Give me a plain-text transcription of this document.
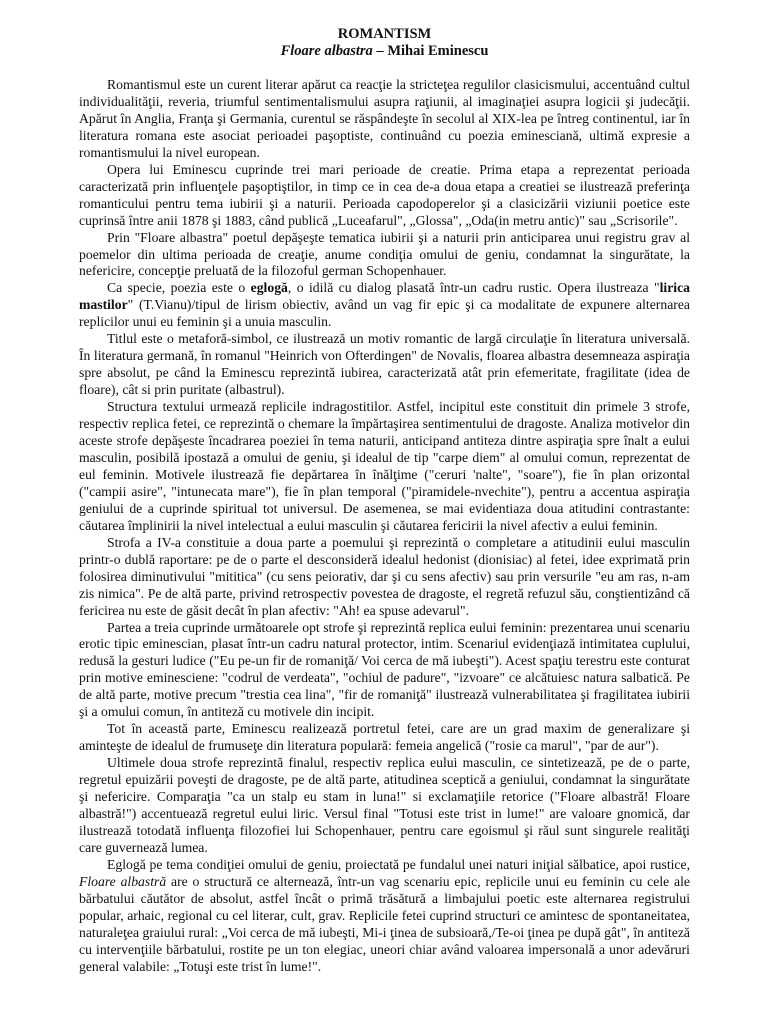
ROMANTISM
Floare albastra – Mihai Eminescu

Romantismul este un curent literar apărut ca reacţie la stricteţea regulilor clasicismului, accentuând cultul individualităţii, reveria, triumful sentimentalismului asupra raţiunii, al imaginaţiei asupra logicii şi judecăţii. Apărut în Anglia, Franţa şi Germania, curentul se răspândeşte în secolul al XIX-lea pe întreg continentul, iar în literatura romana este asociat perioadei paşoptiste, continuând cu poezia eminesciană, ultimă expresie a romantismului la nivel european.

Opera lui Eminescu cuprinde trei mari perioade de creatie. Prima etapa a reprezentat perioada caracterizată prin influenţele paşoptiştilor, in timp ce in cea de-a doua etapa a creatiei se ilustrează preferinţa romanticului pentru tema iubirii şi a naturii. Perioada capodoperelor şi a clasicizării viziunii poetice este cuprinsă între anii 1878 şi 1883, când publică „Luceafarul", „Glossa", „Oda(in metru antic)" sau „Scrisorile".

Prin "Floare albastra" poetul depăşeşte tematica iubirii şi a naturii prin anticiparea unui registru grav al poemelor din ultima perioada de creaţie, anume condiţia omului de geniu, condamnat la singurătate, la nefericire, concepţie preluată de la filozoful german Schopenhauer.

Ca specie, poezia este o eglogă, o idilă cu dialog plasată într-un cadru rustic. Opera ilustreaza "lirica mastilor" (T.Vianu)/tipul de lirism obiectiv, având un vag fir epic şi ca modalitate de expunere alternarea replicilor unui eu feminin şi a unuia masculin.

Titlul este o metaforă-simbol, ce ilustrează un motiv romantic de largă circulaţie în literatura universală. În literatura germană, în romanul "Heinrich von Ofterdingen" de Novalis, floarea albastra desemneaza aspiraţia spre absolut, pe când la Eminescu reprezintă iubirea, caracterizată atât prin efemeritate, fragilitate (idea de floare), cât si prin puritate (albastrul).

Structura textului urmează replicile indragostitilor. Astfel, incipitul este constituit din primele 3 strofe, respectiv replica fetei, ce reprezintă o chemare la împărtaşirea sentimentului de dragoste. Analiza motivelor din aceste strofe depăşeste încadrarea poeziei în tema naturii, anticipand antiteza dintre aspiraţia spre înalt a eului masculin, posibilă ipostază a omului de geniu, şi idealul de tip "carpe diem" al omului comun, reprezentat de eul feminin. Motivele ilustrează fie depărtarea în înălţime ("ceruri 'nalte", "soare"), fie în plan orizontal ("campii asire", "intunecata mare"), fie în plan temporal ("piramidele-nvechite"), pentru a accentua aspiraţia geniului de a cuprinde spiritual tot universul. De asemenea, se mai evidentiaza doua atitudini contrastante: căutarea împlinirii la nivel intelectual a eului masculin şi căutarea fericirii la nivel afectiv a eului feminin.

Strofa a IV-a constituie a doua parte a poemului şi reprezintă o completare a atitudinii eului masculin printr-o dublă raportare: pe de o parte el desconsideră idealul hedonist (dionisiac) al fetei, idee exprimată prin folosirea diminutivului "mititica" (cu sens peiorativ, dar şi cu sens afectiv) sau prin versurile "eu am ras, n-am zis nimica". Pe de altă parte, privind retrospectiv povestea de dragoste, el regretă refuzul său, conştientizând că fericirea nu este de găsit decât în plan afectiv: "Ah! ea spuse adevarul".

Partea a treia cuprinde următoarele opt strofe şi reprezintă replica eului feminin: prezentarea unui scenariu erotic tipic eminescian, plasat într-un cadru natural protector, intim. Scenariul evidenţiază intimitatea cuplului, redusă la gesturi ludice ("Eu pe-un fir de romaniţă/ Voi cerca de mă iubeşti"). Acest spaţiu terestru este conturat prin motive eminesciene: "codrul de verdeata", "ochiul de padure", "izvoare" ce alcătuiesc natura salbatică. Pe de altă parte, motive precum "trestia cea lina", "fir de romaniţă" ilustrează vulnerabilitatea şi fragilitatea iubirii şi a omului comun, în antiteză cu motivele din incipit.

Tot în această parte, Eminescu realizează portretul fetei, care are un grad maxim de generalizare şi aminteşte de idealul de frumuseţe din literatura populară: femeia angelică ("rosie ca marul", "par de aur").

Ultimele doua strofe reprezintă finalul, respectiv replica eului masculin, ce sintetizează, pe de o parte, regretul epuizării poveşti de dragoste, pe de altă parte, atitudinea sceptică a geniului, condamnat la singurătate şi nefericire. Comparaţia "ca un stalp eu stam in luna!" si exclamaţiile retorice ("Floare albastră! Floare albastră!") accentuează regretul eului liric. Versul final "Totusi este trist in lume!" are valoare gnomică, dar ilustrează totodată influenţa filozofiei lui Schopenhauer, pentru care egoismul şi răul sunt singurele realităţi care guvernează lumea.

Eglogă pe tema condiţiei omului de geniu, proiectată pe fundalul unei naturi iniţial sălbatice, apoi rustice, Floare albastră are o structură ce alternează, într-un vag scenariu epic, replicile unui eu feminin cu cele ale bărbatului căutător de absolut, astfel încât o primă trăsătură a limbajului poetic este alternarea registrului popular, arhaic, regional cu cel literar, cult, grav. Replicile fetei cuprind structuri ce amintesc de spontaneitatea, naturaleţea graiului rural: „Voi cerca de mă iubeşti, Mi-i ţinea de subsioară,/Te-oi ţinea pe după gât", în antiteză cu intervenţiile bărbatului, rostite pe un ton elegiac, uneori chiar având valoarea impersonală a unor adevăruri general valabile: „Totuşi este trist în lume!".
